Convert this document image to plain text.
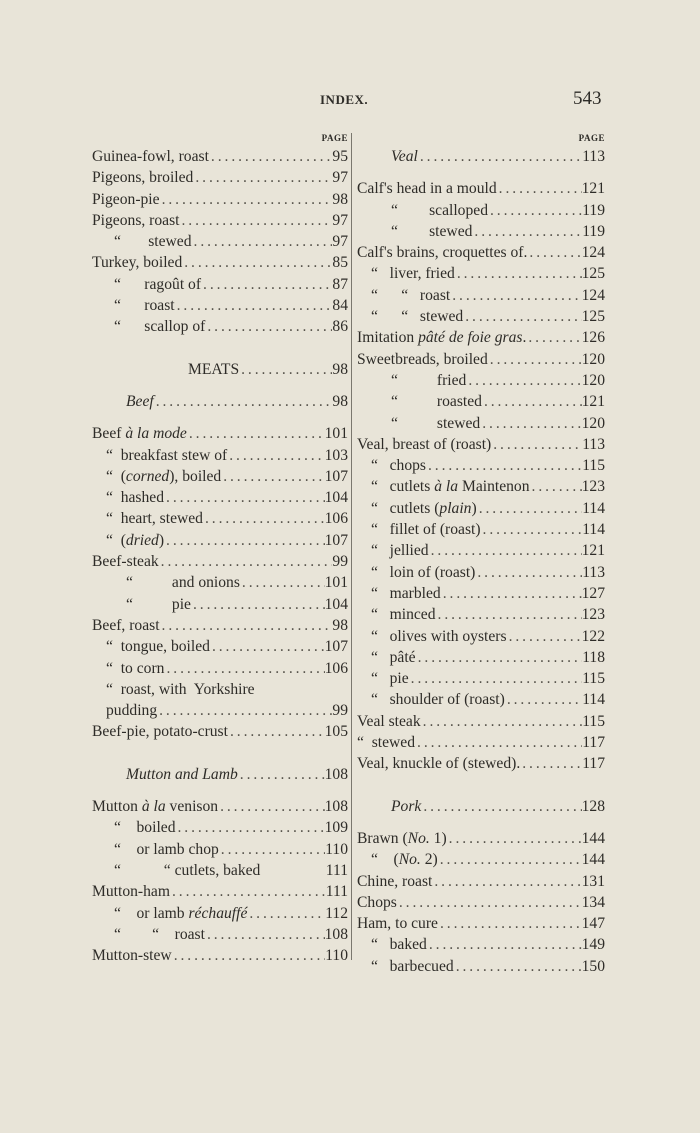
INDEX.	543
PAGE
Guinea-fowl, roast . . .	95
Pigeons, broiled . . .	97
Pigeon-pie . . .	98
Pigeons, roast . . .	97
“       stewed . . .	97
Turkey, boiled . . .	85
“      ragoût of . . .	87
“      roast . . .	84
“      scallop of . . .	86
MEATS . . .	98
Beef . . .	98
Beef à la mode . . .	101
“  breakfast stew of . . .	103
“  (corned), boiled . . .	107
“  hashed . . .	104
“  heart, stewed . . .	106
“  (dried) . . .	107
Beef-steak . . .	99
“          and onions . . .	101
“          pie . . .	104
Beef, roast . . .	98
“  tongue, boiled . . .	107
“  to corn . . .	106
“  roast, with  Yorkshire
pudding . . .	99
Beef-pie, potato-crust . . .	105
Mutton and Lamb . . .	108
Mutton à la venison . . .	108
“    boiled . . .	109
“    or lamb chop . . .	110
“           “ cutlets, baked	111
Mutton-ham . . .	111
“    or lamb réchauffé . . .	112
“        “    roast . . .	108
Mutton-stew . . .	110
PAGE
Veal . . .	113
Calf's head in a mould . . .	121
“        scalloped . . .	119
“        stewed . . .	119
Calf's brains, croquettes of. . . .	124
“   liver, fried . . .	125
“      “   roast . . .	124
“      “   stewed . . .	125
Imitation pâté de foie gras. . . .	126
Sweetbreads, broiled . . .	120
“          fried . . .	120
“          roasted . . .	121
“          stewed . . .	120
Veal, breast of (roast) . . .	113
“   chops . . .	115
“   cutlets à la Maintenon . . .	123
“   cutlets (plain) . . .	114
“   fillet of (roast) . . .	114
“   jellied . . .	121
“   loin of (roast) . . .	113
“   marbled . . .	127
“   minced . . .	123
“   olives with oysters . . .	122
“   pâté . . .	118
“   pie . . .	115
“   shoulder of (roast) . . .	114
Veal steak . . .	115
“  stewed . . .	117
Veal, knuckle of (stewed). . . .	117
Pork . . .	128
Brawn (No. 1) . . .	144
“    (No. 2) . . .	144
Chine, roast . . .	131
Chops . . .	134
Ham, to cure . . .	147
“   baked . . .	149
“   barbecued . . .	150
